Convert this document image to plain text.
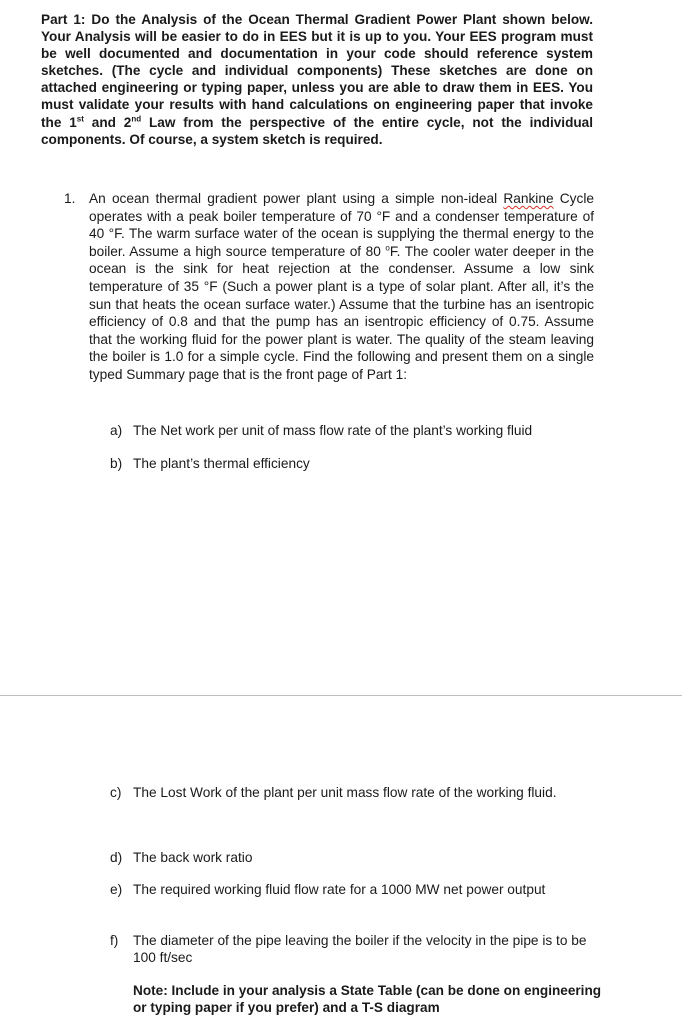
Part 1: Do the Analysis of the Ocean Thermal Gradient Power Plant shown below. Your Analysis will be easier to do in EES but it is up to you. Your EES program must be well documented and documentation in your code should reference system sketches. (The cycle and individual components) These sketches are done on attached engineering or typing paper, unless you are able to draw them in EES. You must validate your results with hand calculations on engineering paper that invoke the 1st and 2nd Law from the perspective of the entire cycle, not the individual components. Of course, a system sketch is required.
1. An ocean thermal gradient power plant using a simple non-ideal Rankine Cycle operates with a peak boiler temperature of 70 °F and a condenser temperature of 40 °F. The warm surface water of the ocean is supplying the thermal energy to the boiler. Assume a high source temperature of 80 $^o$F. The cooler water deeper in the ocean is the sink for heat rejection at the condenser. Assume a low sink temperature of 35 °F (Such a power plant is a type of solar plant. After all, it’s the sun that heats the ocean surface water.) Assume that the turbine has an isentropic efficiency of 0.8 and that the pump has an isentropic efficiency of 0.75. Assume that the working fluid for the power plant is water. The quality of the steam leaving the boiler is 1.0 for a simple cycle. Find the following and present them on a single typed Summary page that is the front page of Part 1:
a) The Net work per unit of mass flow rate of the plant’s working fluid
b) The plant’s thermal efficiency
c) The Lost Work of the plant per unit mass flow rate of the working fluid.
d) The back work ratio
e) The required working fluid flow rate for a 1000 MW net power output
f) The diameter of the pipe leaving the boiler if the velocity in the pipe is to be 100 ft/sec

Note: Include in your analysis a State Table (can be done on engineering or typing paper if you prefer) and a T-S diagram
